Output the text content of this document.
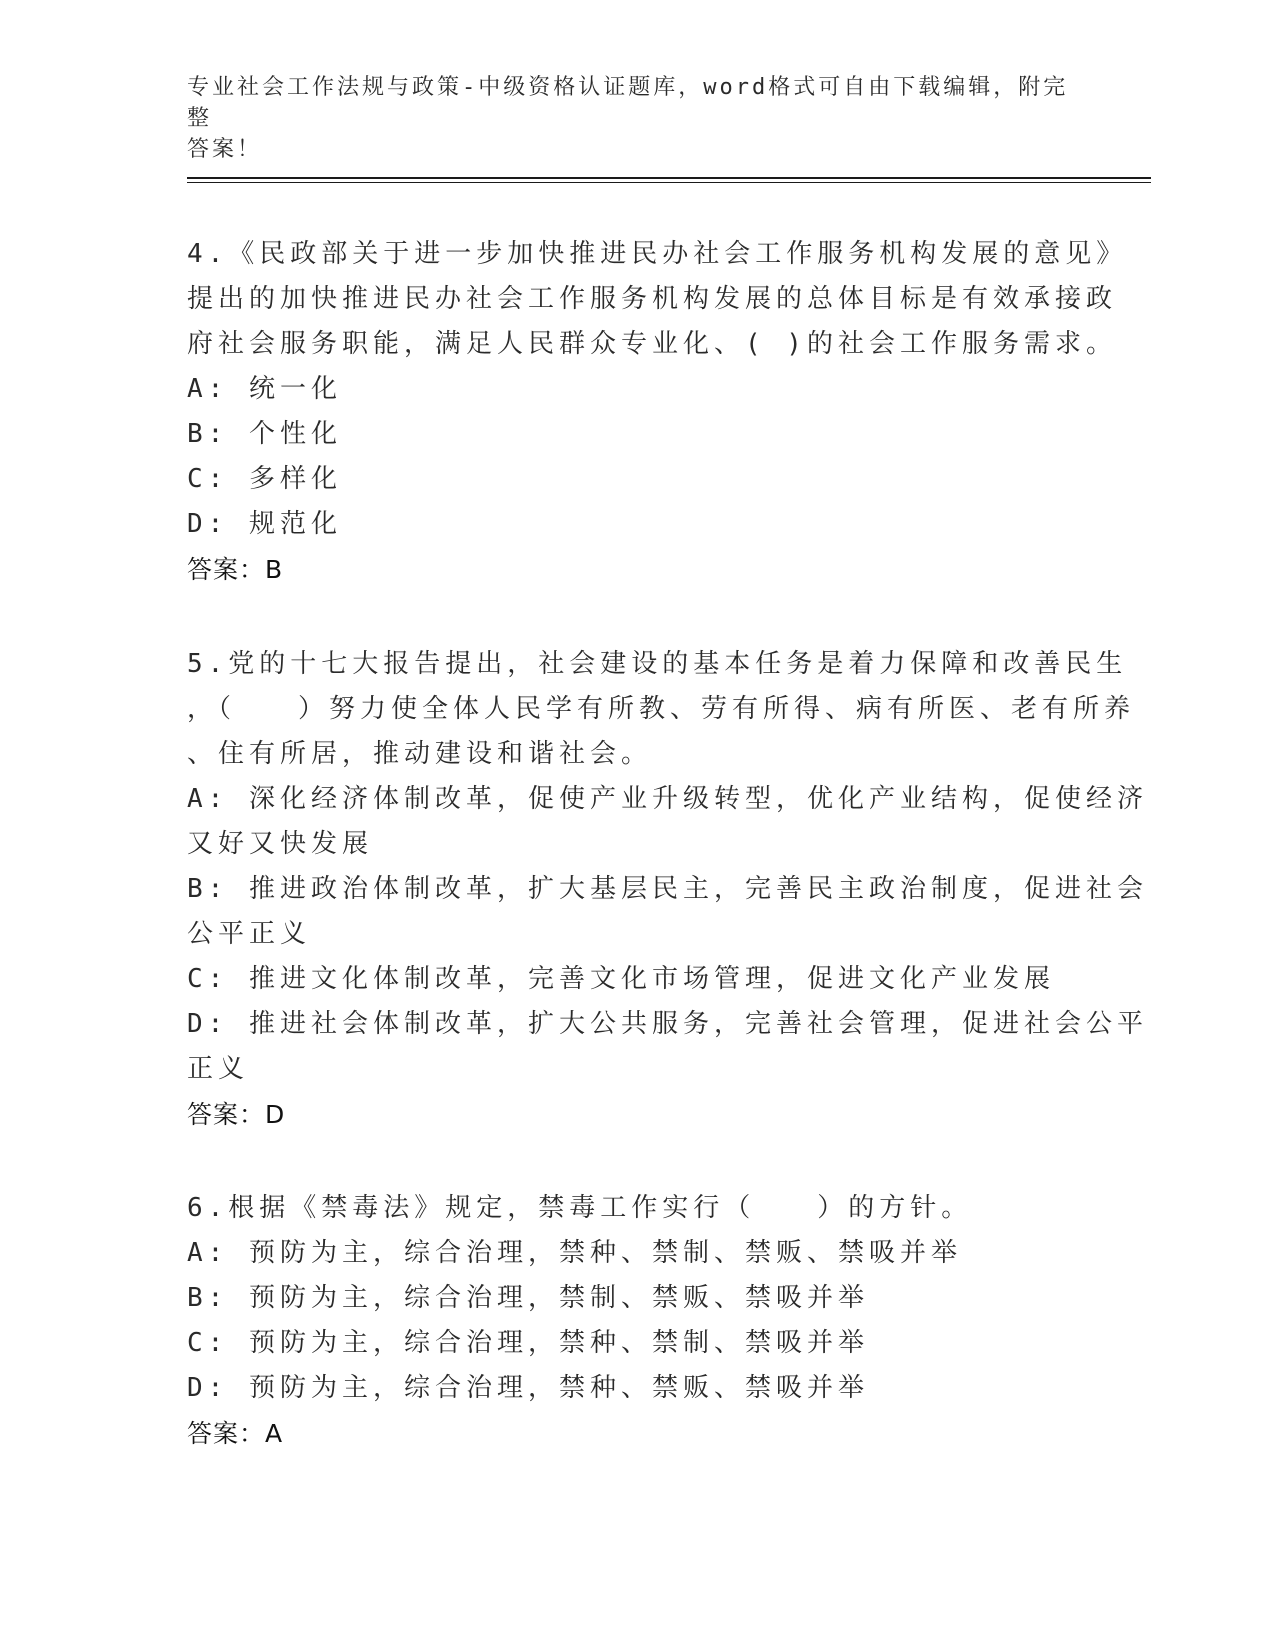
专业社会工作法规与政策-中级资格认证题库，word格式可自由下载编辑，附完整
答案！
4.《民政部关于进一步加快推进民办社会工作服务机构发展的意见》
提出的加快推进民办社会工作服务机构发展的总体目标是有效承接政
府社会服务职能，满足人民群众专业化、( )的社会工作服务需求。
A: 统一化
B: 个性化
C: 多样化
D: 规范化
答案：B
5.党的十七大报告提出，社会建设的基本任务是着力保障和改善民生
，（　　）努力使全体人民学有所教、劳有所得、病有所医、老有所养
、住有所居，推动建设和谐社会。
A: 深化经济体制改革，促使产业升级转型，优化产业结构，促使经济
又好又快发展
B: 推进政治体制改革，扩大基层民主，完善民主政治制度，促进社会
公平正义
C: 推进文化体制改革，完善文化市场管理，促进文化产业发展
D: 推进社会体制改革，扩大公共服务，完善社会管理，促进社会公平
正义
答案：D
6.根据《禁毒法》规定，禁毒工作实行（　　）的方针。
A: 预防为主，综合治理，禁种、禁制、禁贩、禁吸并举
B: 预防为主，综合治理，禁制、禁贩、禁吸并举
C: 预防为主，综合治理，禁种、禁制、禁吸并举
D: 预防为主，综合治理，禁种、禁贩、禁吸并举
答案：A
